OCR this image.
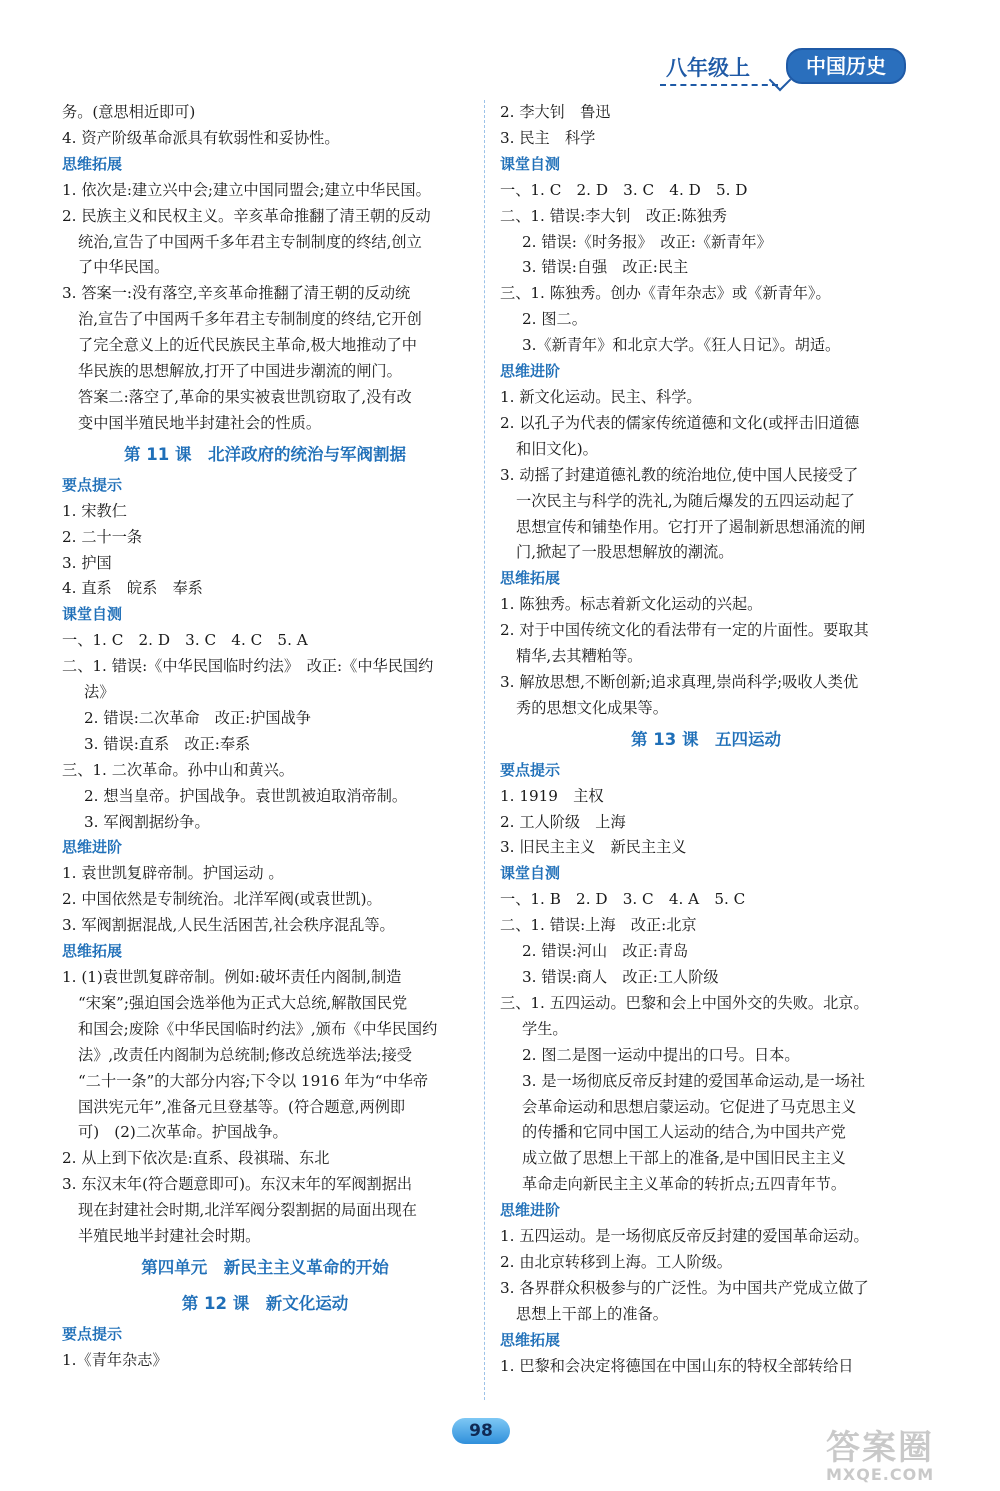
八年级上	中国历史
务。(意思相近即可)
4. 资产阶级革命派具有软弱性和妥协性。
思维拓展
1. 依次是:建立兴中会;建立中国同盟会;建立中华民国。
2. 民族主义和民权主义。辛亥革命推翻了清王朝的反动
统治,宣告了中国两千多年君主专制制度的终结,创立
了中华民国。
3. 答案一:没有落空,辛亥革命推翻了清王朝的反动统
治,宣告了中国两千多年君主专制制度的终结,它开创
了完全意义上的近代民族民主革命,极大地推动了中
华民族的思想解放,打开了中国进步潮流的闸门。
答案二:落空了,革命的果实被袁世凯窃取了,没有改
变中国半殖民地半封建社会的性质。
第 11 课　北洋政府的统治与军阀割据
要点提示
1. 宋教仁
2. 二十一条
3. 护国
4. 直系　皖系　奉系
课堂自测
一、1. C　2. D　3. C　4. C　5. A
二、1. 错误:《中华民国临时约法》　改正:《中华民国约
法》
2. 错误:二次革命　改正:护国战争
3. 错误:直系　改正:奉系
三、1. 二次革命。孙中山和黄兴。
2. 想当皇帝。护国战争。袁世凯被迫取消帝制。
3. 军阀割据纷争。
思维进阶
1. 袁世凯复辟帝制。护国运动 。
2. 中国依然是专制统治。北洋军阀(或袁世凯)。
3. 军阀割据混战,人民生活困苦,社会秩序混乱等。
思维拓展
1. (1)袁世凯复辟帝制。例如:破坏责任内阁制,制造
“宋案”;强迫国会选举他为正式大总统,解散国民党
和国会;废除《中华民国临时约法》,颁布《中华民国约
法》,改责任内阁制为总统制;修改总统选举法;接受
“二十一条”的大部分内容;下令以 1916 年为“中华帝
国洪宪元年”,准备元旦登基等。(符合题意,两例即
可)　(2)二次革命。护国战争。
2. 从上到下依次是:直系、段祺瑞、东北
3. 东汉末年(符合题意即可)。东汉末年的军阀割据出
现在封建社会时期,北洋军阀分裂割据的局面出现在
半殖民地半封建社会时期。
第四单元　新民主主义革命的开始
第 12 课　新文化运动
要点提示
1.《青年杂志》
2. 李大钊　鲁迅
3. 民主　科学
课堂自测
一、1. C　2. D　3. C　4. D　5. D
二、1. 错误:李大钊　改正:陈独秀
2. 错误:《时务报》　改正:《新青年》
3. 错误:自强　改正:民主
三、1. 陈独秀。创办《青年杂志》或《新青年》。
2. 图二。
3.《新青年》和北京大学。《狂人日记》。胡适。
思维进阶
1. 新文化运动。民主、科学。
2. 以孔子为代表的儒家传统道德和文化(或抨击旧道德
和旧文化)。
3. 动摇了封建道德礼教的统治地位,使中国人民接受了
一次民主与科学的洗礼,为随后爆发的五四运动起了
思想宣传和铺垫作用。它打开了遏制新思想涌流的闸
门,掀起了一股思想解放的潮流。
思维拓展
1. 陈独秀。标志着新文化运动的兴起。
2. 对于中国传统文化的看法带有一定的片面性。要取其
精华,去其糟粕等。
3. 解放思想,不断创新;追求真理,崇尚科学;吸收人类优
秀的思想文化成果等。
第 13 课　五四运动
要点提示
1. 1919　主权
2. 工人阶级　上海
3. 旧民主主义　新民主主义
课堂自测
一、1. B　2. D　3. C　4. A　5. C
二、1. 错误:上海　改正:北京
2. 错误:河山　改正:青岛
3. 错误:商人　改正:工人阶级
三、1. 五四运动。巴黎和会上中国外交的失败。北京。
学生。
2. 图二是图一运动中提出的口号。日本。
3. 是一场彻底反帝反封建的爱国革命运动,是一场社
会革命运动和思想启蒙运动。它促进了马克思主义
的传播和它同中国工人运动的结合,为中国共产党
成立做了思想上干部上的准备,是中国旧民主主义
革命走向新民主主义革命的转折点;五四青年节。
思维进阶
1. 五四运动。是一场彻底反帝反封建的爱国革命运动。
2. 由北京转移到上海。工人阶级。
3. 各界群众积极参与的广泛性。为中国共产党成立做了
思想上干部上的准备。
思维拓展
1. 巴黎和会决定将德国在中国山东的特权全部转给日
98	答案圈
MXQE.COM
